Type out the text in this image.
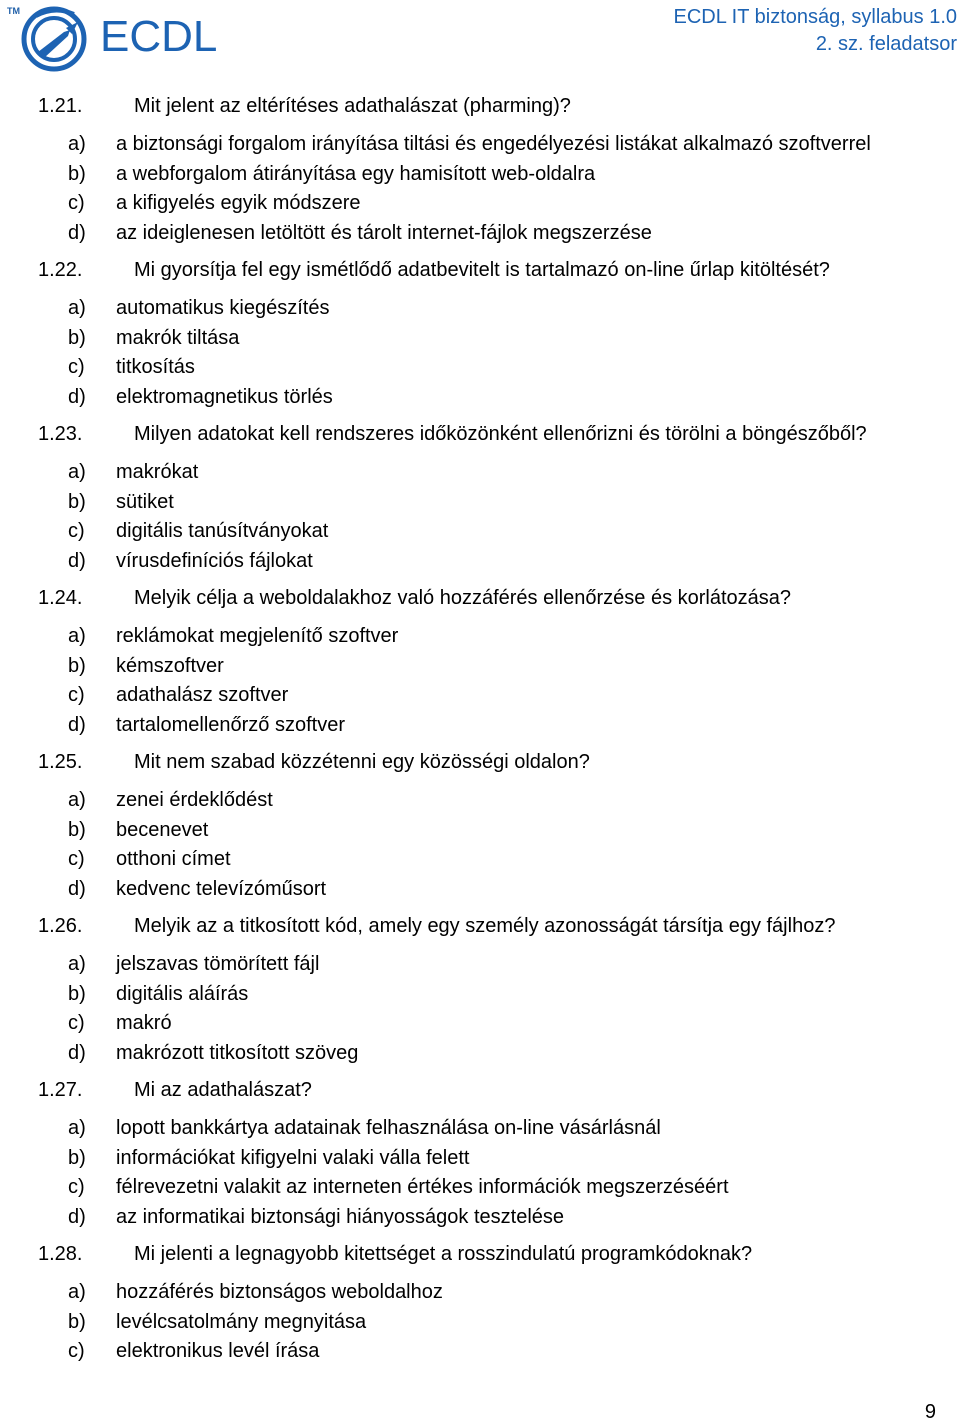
TM
ECDL	ECDL IT biztonság, syllabus 1.0
2. sz. feladatsor
1.21.	Mit jelent az eltérítéses adathalászat (pharming)?
a) a biztonsági forgalom irányítása tiltási és engedélyezési listákat alkalmazó szoftverrel
b) a webforgalom átirányítása egy hamisított web-oldalra
c) a kifigyelés egyik módszere
d) az ideiglenesen letöltött és tárolt internet-fájlok megszerzése
1.22.	Mi gyorsítja fel egy ismétlődő adatbevitelt is tartalmazó on-line űrlap kitöltését?
a) automatikus kiegészítés
b) makrók tiltása
c) titkosítás
d) elektromagnetikus törlés
1.23.	Milyen adatokat kell rendszeres időközönként ellenőrizni és törölni a böngészőből?
a) makrókat
b) sütiket
c) digitális tanúsítványokat
d) vírusdefiníciós fájlokat
1.24.	Melyik célja a weboldalakhoz való hozzáférés ellenőrzése és korlátozása?
a) reklámokat megjelenítő szoftver
b) kémszoftver
c) adathalász szoftver
d) tartalomellenőrző szoftver
1.25.	Mit nem szabad közzétenni egy közösségi oldalon?
a) zenei érdeklődést
b) becenevet
c) otthoni címet
d) kedvenc televízóműsort
1.26.	Melyik az a titkosított kód, amely egy személy azonosságát társítja egy fájlhoz?
a) jelszavas tömörített fájl
b) digitális aláírás
c) makró
d) makrózott titkosított szöveg
1.27.	Mi az adathalászat?
a) lopott bankkártya adatainak felhasználása on-line vásárlásnál
b) információkat kifigyelni valaki válla felett
c) félrevezetni valakit az interneten értékes információk megszerzéséért
d) az informatikai biztonsági hiányosságok tesztelése
1.28.	Mi jelenti a legnagyobb kitettséget a rosszindulatú programkódoknak?
a) hozzáférés biztonságos weboldalhoz
b) levélcsatolmány megnyitása
c) elektronikus levél írása
9
